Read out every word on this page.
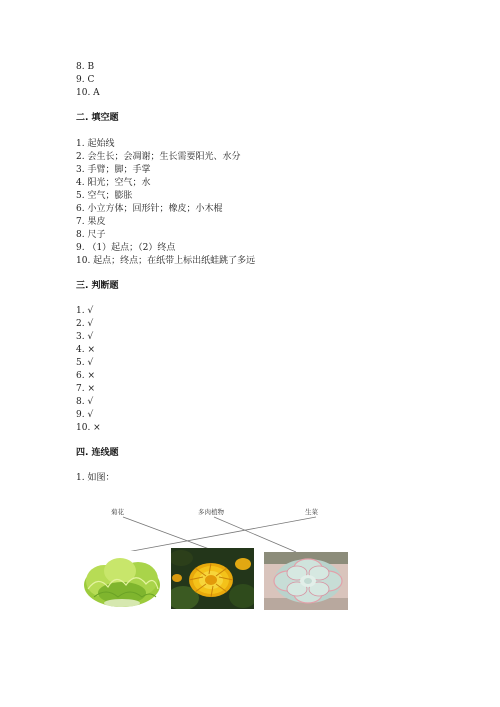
8. B
9. C
10. A
二. 填空题
1. 起始线
2. 会生长；会凋谢；生长需要阳光、水分
3. 手臂；脚；手掌
4. 阳光；空气；水
5. 空气；膨胀
6. 小立方体；回形针；橡皮；小木棍
7. 果皮
8. 尺子
9. （1）起点；（2）终点
10. 起点；终点；在纸带上标出纸蛙跳了多远
三. 判断题
1. √
2. √
3. √
4. ×
5. √
6. ×
7. ×
8. √
9. √
10. ×
四. 连线题
1. 如图：
菊花	多肉植物	生菜
